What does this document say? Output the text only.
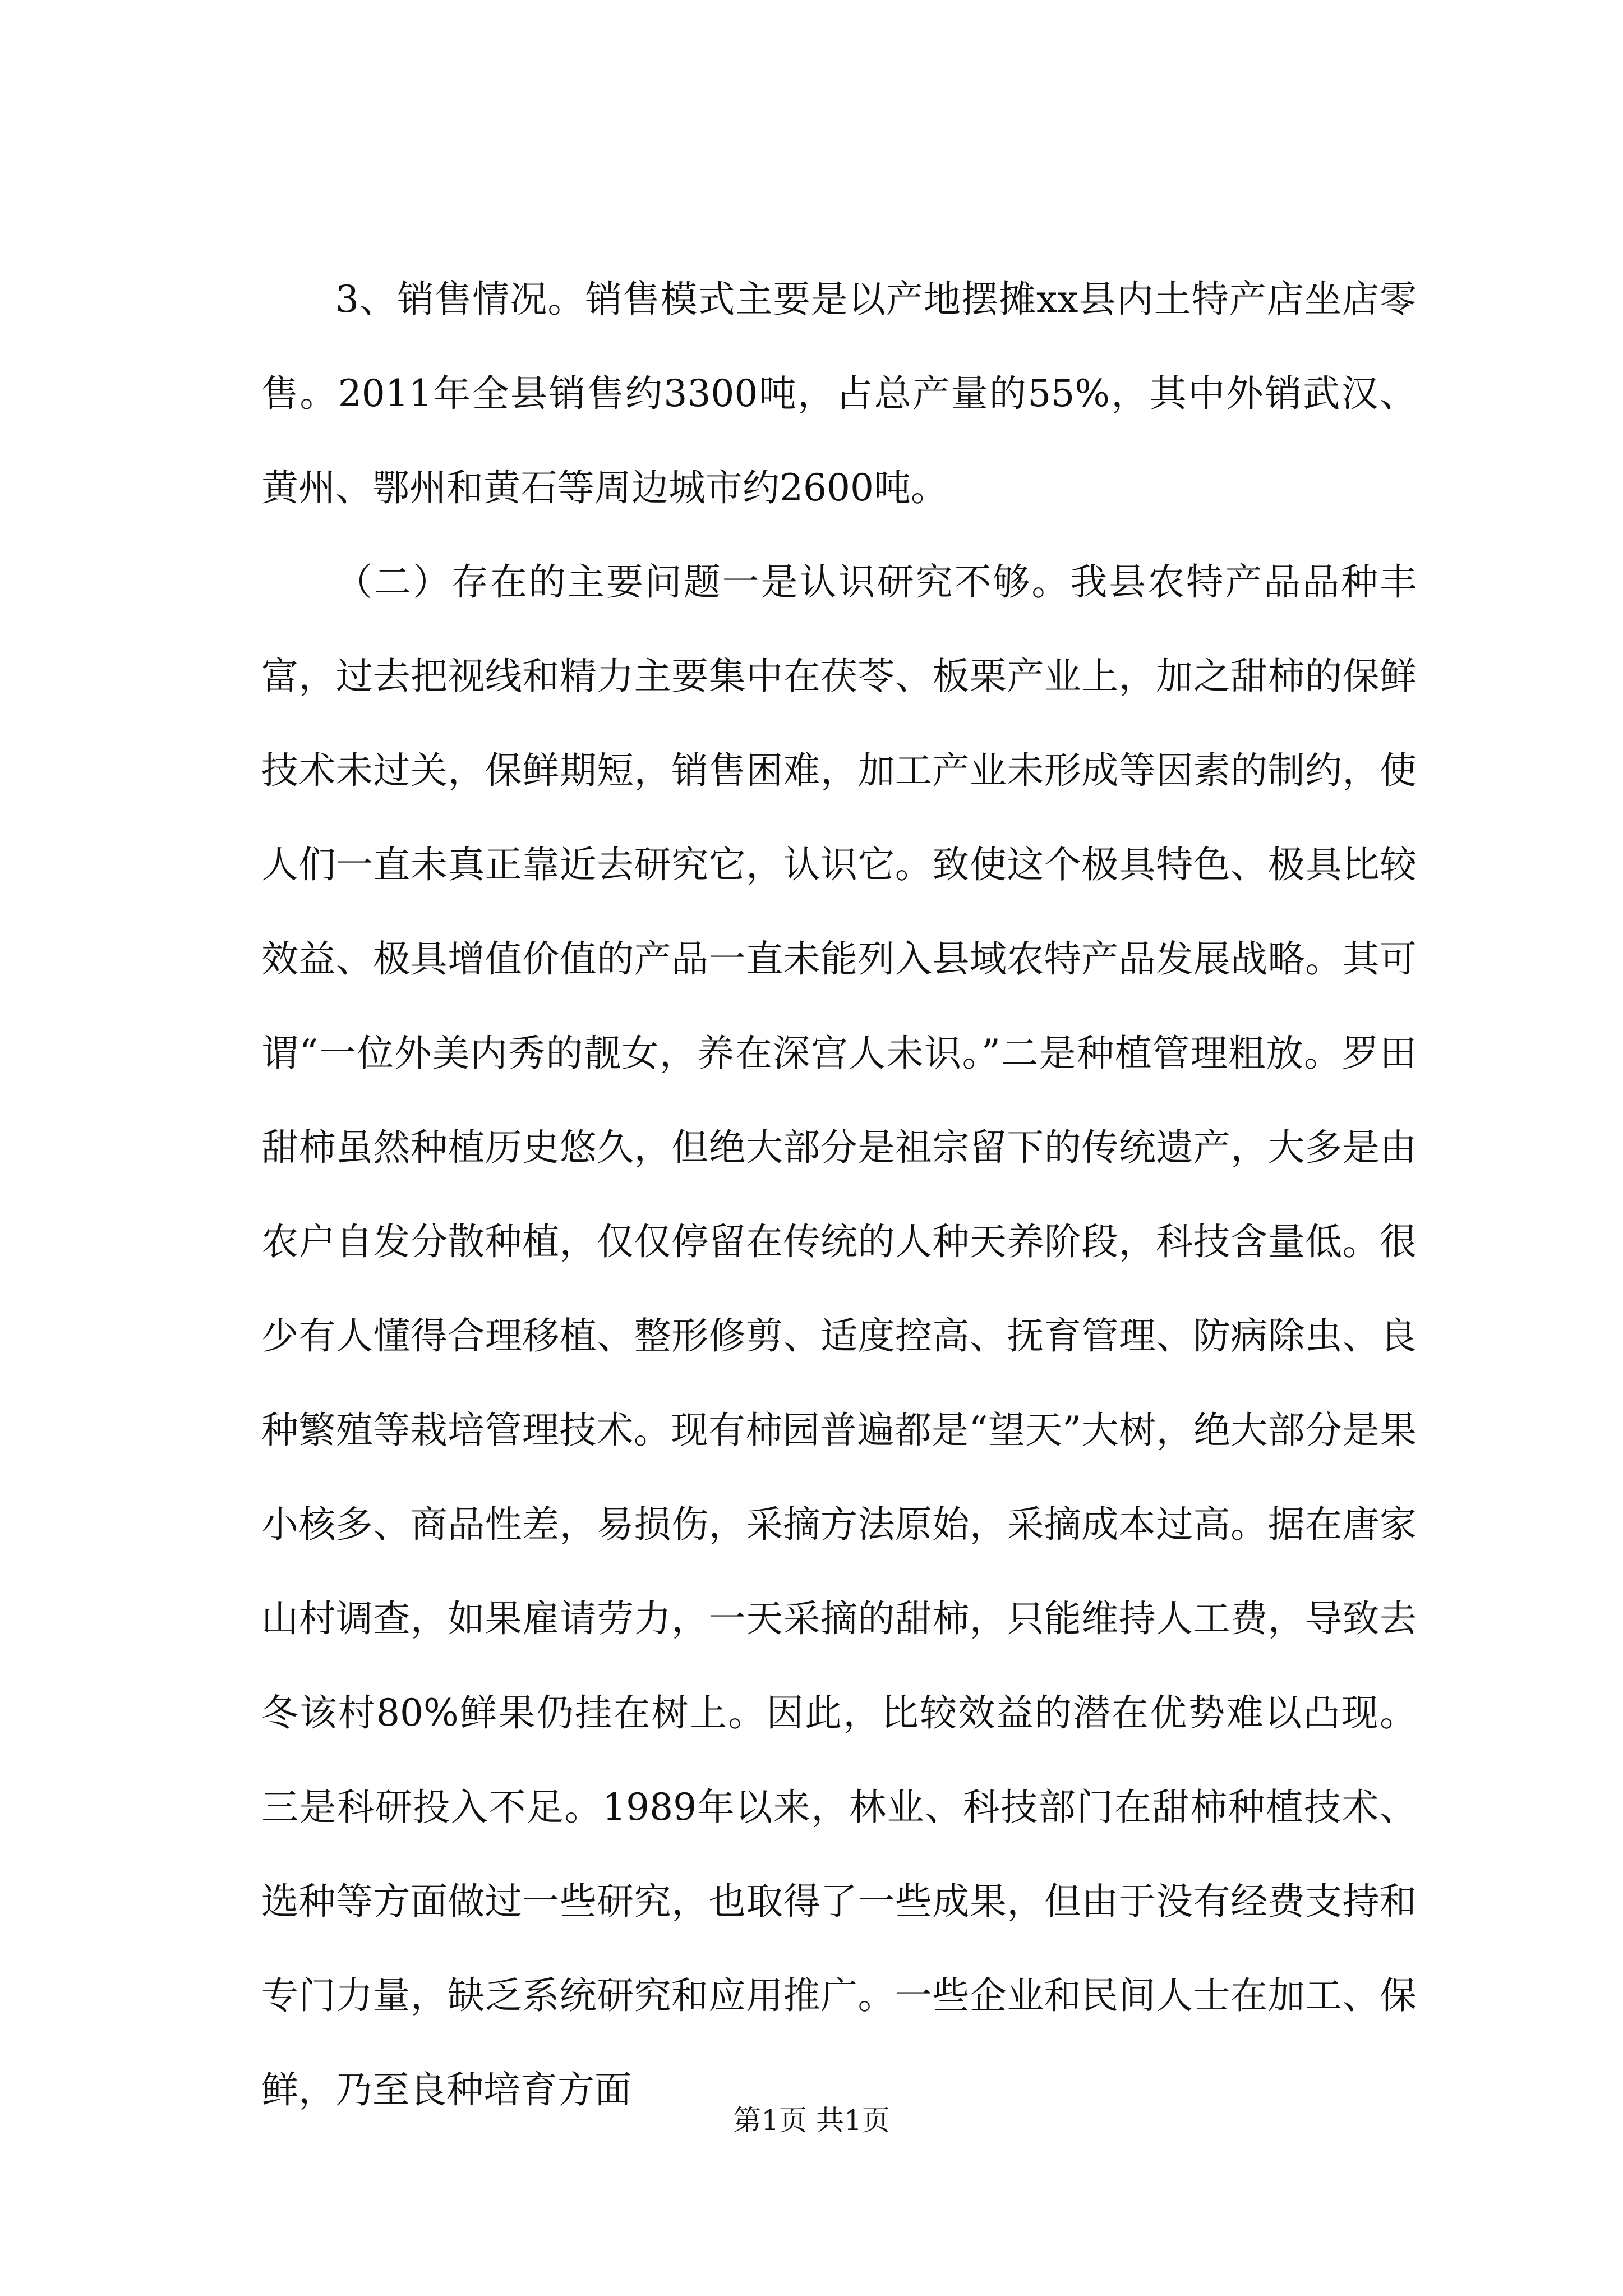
3、销售情况。销售模式主要是以产地摆摊xx县内土特产店坐店零售。2011年全县销售约3300吨，占总产量的55%，其中外销武汉、黄州、鄂州和黄石等周边城市约2600吨。

（二）存在的主要问题一是认识研究不够。我县农特产品品种丰富，过去把视线和精力主要集中在茯苓、板栗产业上，加之甜柿的保鲜技术未过关，保鲜期短，销售困难，加工产业未形成等因素的制约，使人们一直未真正靠近去研究它，认识它。致使这个极具特色、极具比较效益、极具增值价值的产品一直未能列入县域农特产品发展战略。其可谓“一位外美内秀的靓女，养在深宫人未识。”二是种植管理粗放。罗田甜柿虽然种植历史悠久，但绝大部分是祖宗留下的传统遗产，大多是由农户自发分散种植，仅仅停留在传统的人种天养阶段，科技含量低。很少有人懂得合理移植、整形修剪、适度控高、抚育管理、防病除虫、良种繁殖等栽培管理技术。现有柿园普遍都是“望天”大树，绝大部分是果小核多、商品性差，易损伤，采摘方法原始，采摘成本过高。据在唐家山村调查，如果雇请劳力，一天采摘的甜柿，只能维持人工费，导致去冬该村80%鲜果仍挂在树上。因此，比较效益的潜在优势难以凸现。三是科研投入不足。1989年以来，林业、科技部门在甜柿种植技术、选种等方面做过一些研究，也取得了一些成果，但由于没有经费支持和专门力量，缺乏系统研究和应用推广。一些企业和民间人士在加工、保鲜，乃至良种培育方面

第1页 共1页
